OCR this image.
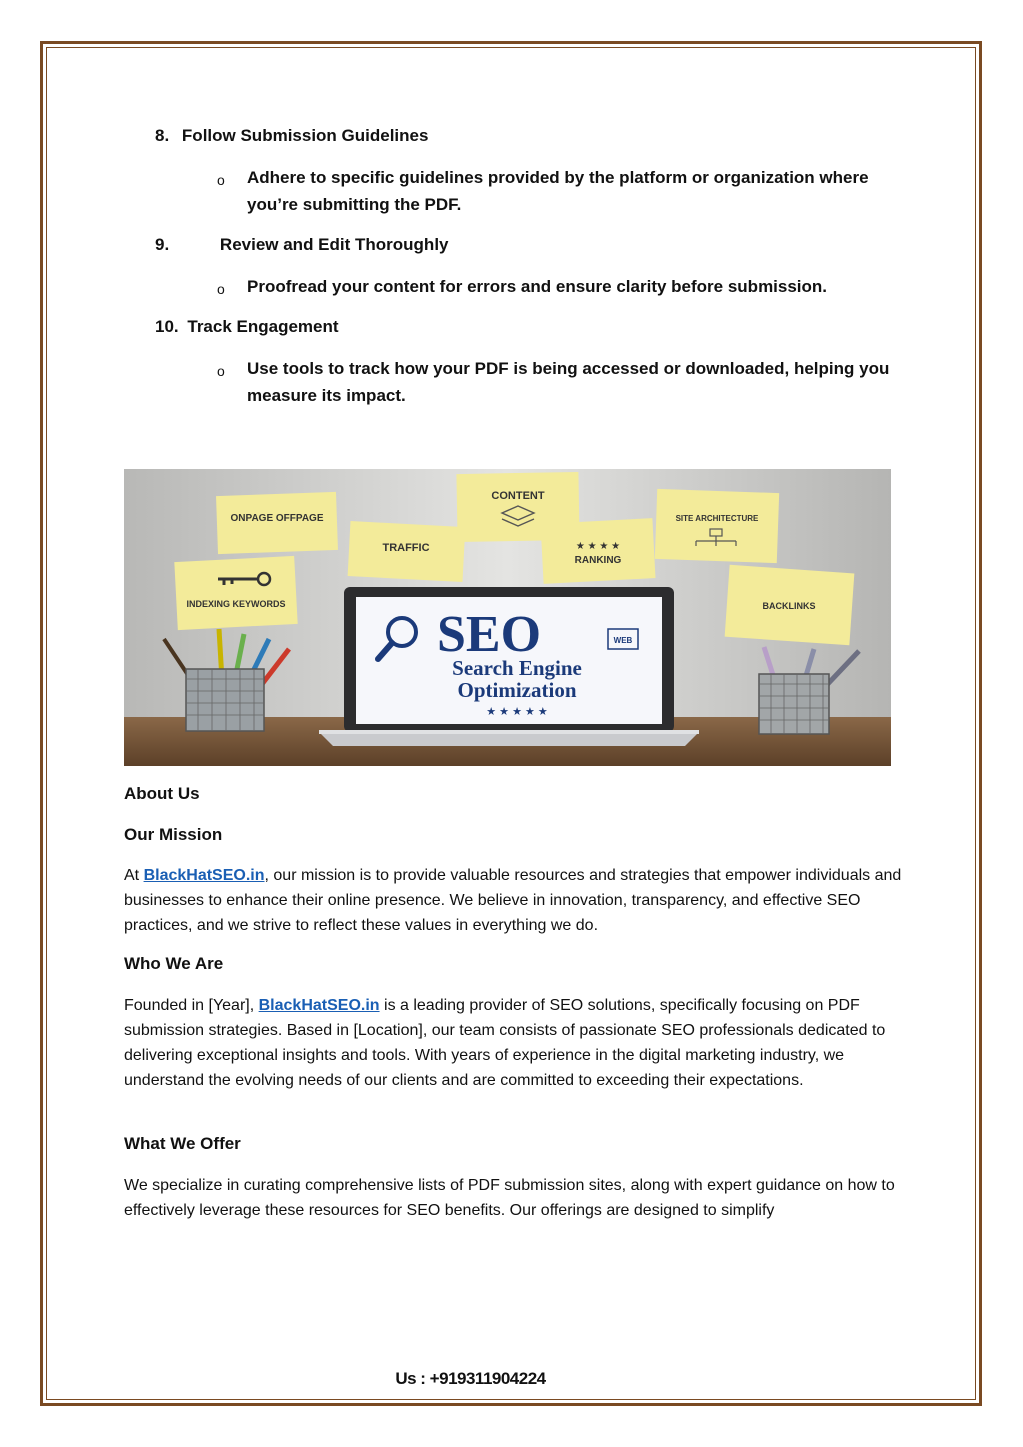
8. Follow Submission Guidelines
o Adhere to specific guidelines provided by the platform or organization where you’re submitting the PDF.
9.	Review and Edit Thoroughly
o Proofread your content for errors and ensure clarity before submission.
10. Track Engagement
o Use tools to track how your PDF is being accessed or downloaded, helping you measure its impact.
ONPAGE OFFPAGE
TRAFFIC
CONTENT
★ ★ ★ ★
RANKING
SITE ARCHITECTURE
INDEXING KEYWORDS	BACKLINKS
SEO	WEB
Search Engine
Optimization
★ ★ ★ ★ ★
About Us
Our Mission
At BlackHatSEO.in, our mission is to provide valuable resources and strategies that empower individuals and businesses to enhance their online presence. We believe in innovation, transparency, and effective SEO practices, and we strive to reflect these values in everything we do.
Who We Are
Founded in [Year], BlackHatSEO.in is a leading provider of SEO solutions, specifically focusing on PDF submission strategies. Based in [Location], our team consists of passionate SEO professionals dedicated to delivering exceptional insights and tools. With years of experience in the digital marketing industry, we understand the evolving needs of our clients and are committed to exceeding their expectations.
What We Offer
We specialize in curating comprehensive lists of PDF submission sites, along with expert guidance on how to effectively leverage these resources for SEO benefits. Our offerings are designed to simplify
Us : +919311904224
